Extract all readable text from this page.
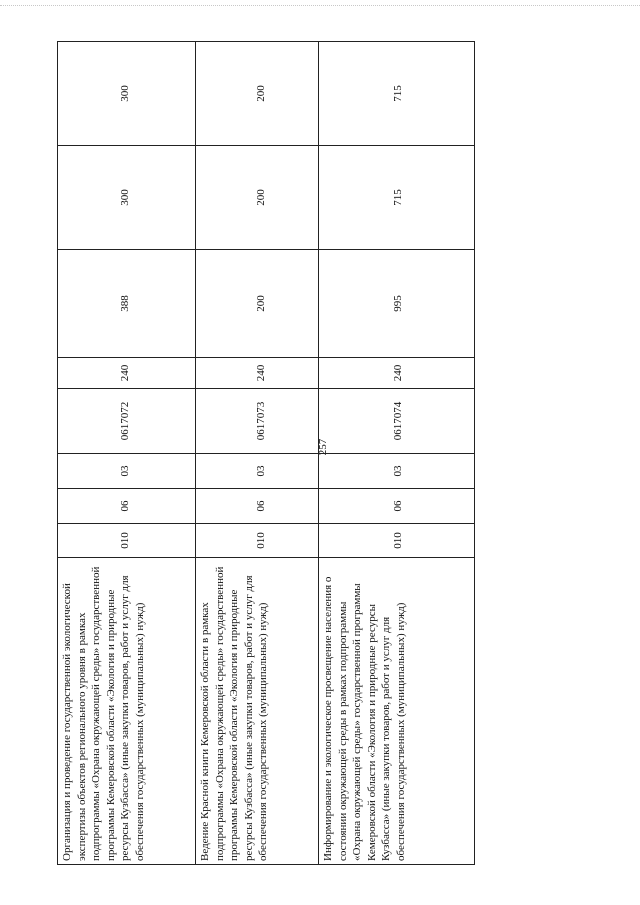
257
Организация и проведение государственной экологической экспертизы объектов регионального уровня в рамках подпрограммы «Охрана окружающей среды» государственной программы Кемеровской области «Экология и природные ресурсы Кузбасса» (иные закупки товаров, работ и услуг для обеспечения государственных (муниципальных) нужд)	010	06	03	0617072	240	388	300	300

Ведение Красной книги Кемеровской области в рамках подпрограммы «Охрана окружающей среды» государственной программы Кемеровской области «Экология и природные ресурсы Кузбасса» (иные закупки товаров, работ и услуг для обеспечения государственных (муниципальных) нужд)	010	06	03	0617073	240	200	200	200

Информирование и экологическое просвещение населения о состоянии окружающей среды в рамках подпрограммы «Охрана окружающей среды» государственной программы Кемеровской области «Экология и природные ресурсы Кузбасса» (иные закупки товаров, работ и услуг для обеспечения государственных (муниципальных) нужд)	010	06	03	0617074	240	995	715	715
